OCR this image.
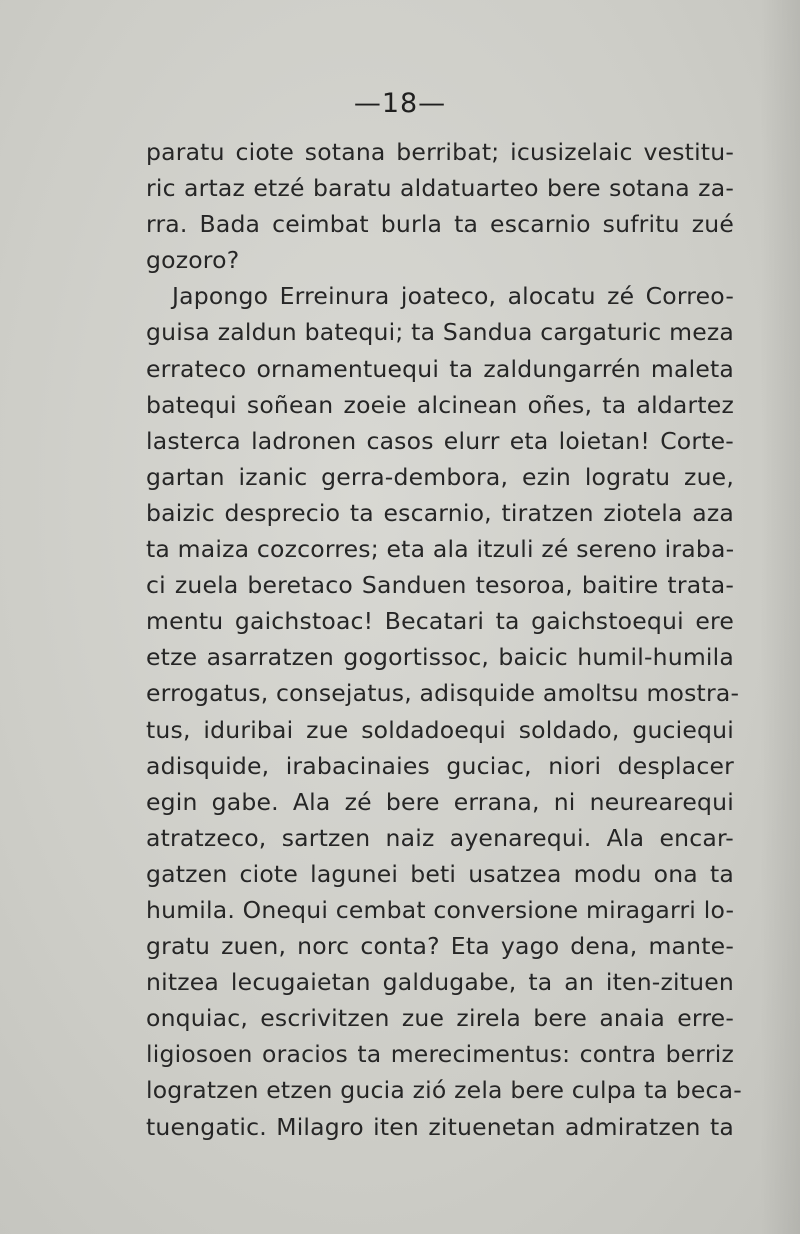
—18—
paratu ciote sotana berribat; icusizelaic vestitu-
ric artaz etzé baratu aldatuarteo bere sotana za-
rra. Bada ceimbat burla ta escarnio sufritu zué
gozoro?
Japongo Erreinura joateco, alocatu zé Correo-
guisa zaldun batequi; ta Sandua cargaturic meza
errateco ornamentuequi ta zaldungarrén maleta
batequi soñean zoeie alcinean oñes, ta aldartez
lasterca ladronen casos elurr eta loietan! Corte-
gartan izanic gerra-dembora, ezin logratu zue,
baizic desprecio ta escarnio, tiratzen ziotela aza
ta maiza cozcorres; eta ala itzuli zé sereno iraba-
ci zuela beretaco Sanduen tesoroa, baitire trata-
mentu gaichstoac! Becatari ta gaichstoequi ere
etze asarratzen gogortissoc, baicic humil-humila
errogatus, consejatus, adisquide amoltsu mostra-
tus, iduribai zue soldadoequi soldado, guciequi
adisquide, irabacinaies guciac, niori desplacer
egin gabe. Ala zé bere errana, ni neurearequi
atratzeco, sartzen naiz ayenarequi. Ala encar-
gatzen ciote lagunei beti usatzea modu ona ta
humila. Onequi cembat conversione miragarri lo-
gratu zuen, norc conta? Eta yago dena, mante-
nitzea lecugaietan galdugabe, ta an iten-zituen
onquiac, escrivitzen zue zirela bere anaia erre-
ligiosoen oracios ta merecimentus: contra berriz
logratzen etzen gucia zió zela bere culpa ta beca-
tuengatic. Milagro iten zituenetan admiratzen ta
